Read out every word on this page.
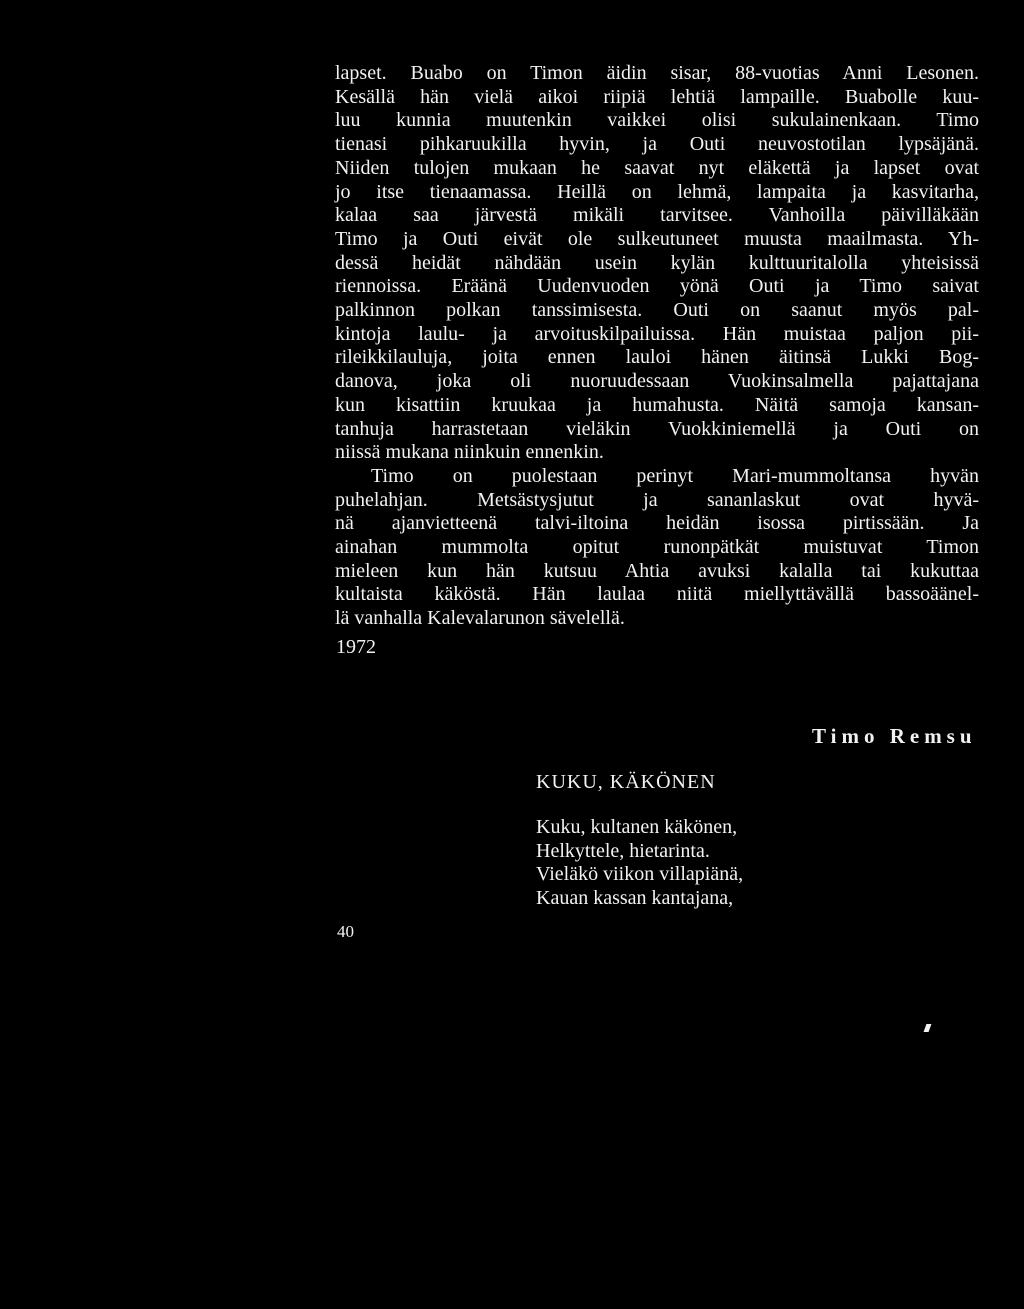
lapset. Buabo on Timon äidin sisar, 88-vuotias Anni Lesonen.
Kesällä hän vielä aikoi riipiä lehtiä lampaille. Buabolle kuu-
luu kunnia muutenkin vaikkei olisi sukulainenkaan. Timo
tienasi pihkaruukilla hyvin, ja Outi neuvostotilan lypsäjänä.
Niiden tulojen mukaan he saavat nyt eläkettä ja lapset ovat
jo itse tienaamassa. Heillä on lehmä, lampaita ja kasvitarha,
kalaa saa järvestä mikäli tarvitsee. Vanhoilla päivilläkään
Timo ja Outi eivät ole sulkeutuneet muusta maailmasta. Yh-
dessä heidät nähdään usein kylän kulttuuritalolla yhteisissä
riennoissa. Eräänä Uudenvuoden yönä Outi ja Timo saivat
palkinnon polkan tanssimisesta. Outi on saanut myös pal-
kintoja laulu- ja arvoituskilpailuissa. Hän muistaa paljon pii-
rileikkilauluja, joita ennen lauloi hänen äitinsä Lukki Bog-
danova, joka oli nuoruudessaan Vuokinsalmella pajattajana
kun kisattiin kruukaa ja humahusta. Näitä samoja kansan-
tanhuja harrastetaan vieläkin Vuokkiniemellä ja Outi on
niissä mukana niinkuin ennenkin.
Timo on puolestaan perinyt Mari-mummoltansa hyvän
puhelahjan. Metsästysjutut ja sananlaskut ovat hyvä-
nä ajanvietteenä talvi-iltoina heidän isossa pirtissään. Ja
ainahan mummolta opitut runonpätkät muistuvat Timon
mieleen kun hän kutsuu Ahtia avuksi kalalla tai kukuttaa
kultaista käköstä. Hän laulaa niitä miellyttävällä bassoäänel-
lä vanhalla Kalevalarunon sävelellä.
1972
Timo Remsu
KUKU, KÄKÖNEN
Kuku, kultanen käkönen,
Helkyttele, hietarinta.
Vieläkö viikon villapiänä,
Kauan kassan kantajana,
40
